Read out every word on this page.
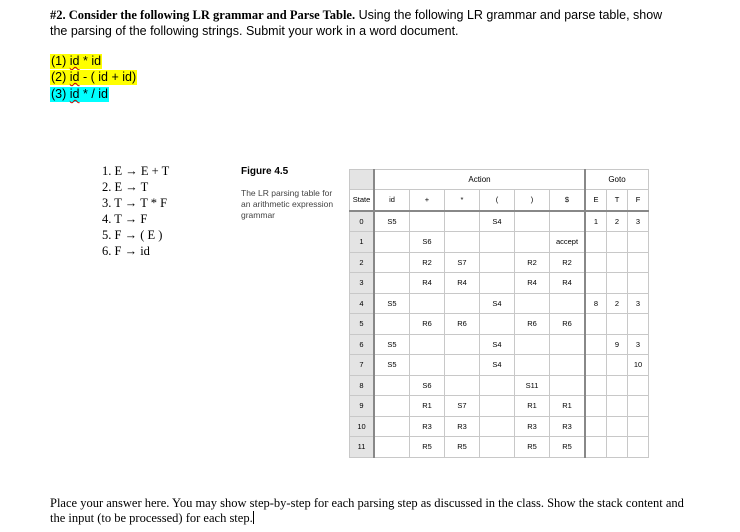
#2. Consider the following LR grammar and Parse Table. Using the following LR grammar and parse table, show
the parsing of the following strings. Submit your work in a word document.
(1) id * id
(2) id - ( id + id)
(3) id * / id
1. E → E + T
2. E → T
3. T → T * F
4. T → F
5. F → ( E )
6. F → id
Figure 4.5
The LR parsing table for an arithmetic expression grammar
	Action						Goto		
State	id	+	*	(	)	$	E	T	F
0	S5			S4			1	2	3
1		S6				accept			
2		R2	S7		R2	R2			
3		R4	R4		R4	R4			
4	S5			S4			8	2	3
5		R6	R6		R6	R6			
6	S5			S4				9	3
7	S5			S4					10
8		S6			S11				
9		R1	S7		R1	R1			
10		R3	R3		R3	R3			
11		R5	R5		R5	R5			
Place your answer here. You may show step-by-step for each parsing step as discussed in the class. Show the stack content and the input (to be processed) for each step.
